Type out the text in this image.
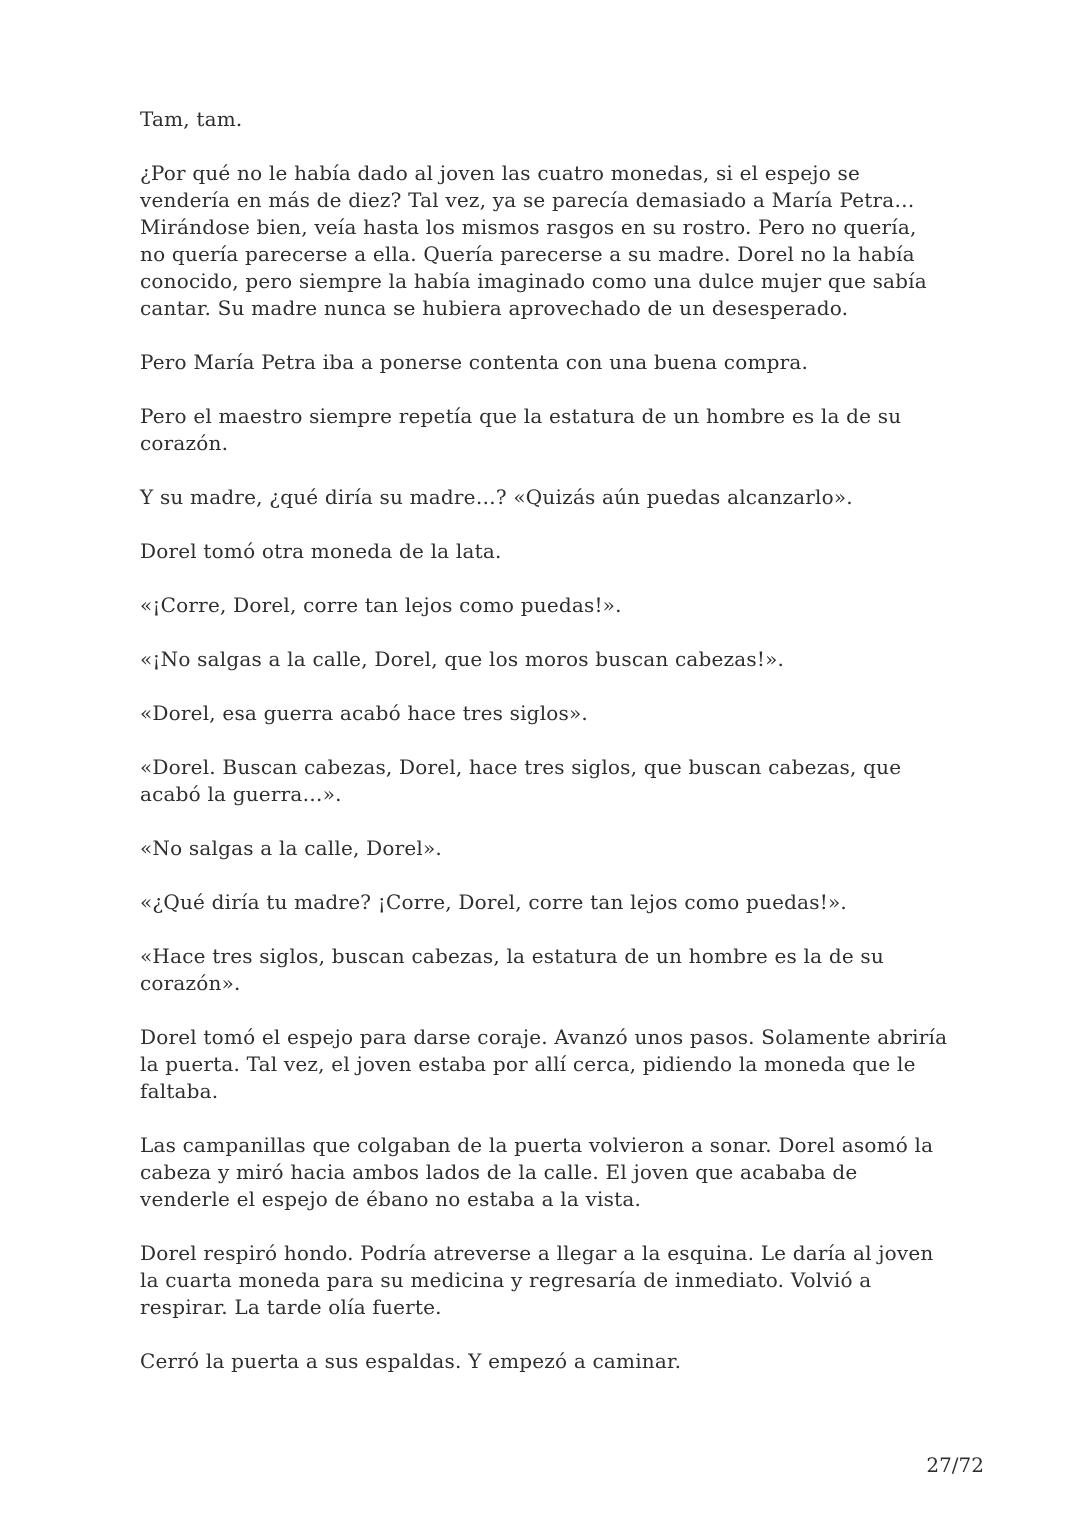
Tam, tam.

¿Por qué no le había dado al joven las cuatro monedas, si el espejo se vendería en más de diez? Tal vez, ya se parecía demasiado a María Petra… Mirándose bien, veía hasta los mismos rasgos en su rostro. Pero no quería, no quería parecerse a ella. Quería parecerse a su madre. Dorel no la había conocido, pero siempre la había imaginado como una dulce mujer que sabía cantar. Su madre nunca se hubiera aprovechado de un desesperado.

Pero María Petra iba a ponerse contenta con una buena compra.

Pero el maestro siempre repetía que la estatura de un hombre es la de su corazón.

Y su madre, ¿qué diría su madre…? «Quizás aún puedas alcanzarlo».

Dorel tomó otra moneda de la lata.

«¡Corre, Dorel, corre tan lejos como puedas!».

«¡No salgas a la calle, Dorel, que los moros buscan cabezas!».

«Dorel, esa guerra acabó hace tres siglos».

«Dorel. Buscan cabezas, Dorel, hace tres siglos, que buscan cabezas, que acabó la guerra…».

«No salgas a la calle, Dorel».

«¿Qué diría tu madre? ¡Corre, Dorel, corre tan lejos como puedas!».

«Hace tres siglos, buscan cabezas, la estatura de un hombre es la de su corazón».

Dorel tomó el espejo para darse coraje. Avanzó unos pasos. Solamente abriría la puerta. Tal vez, el joven estaba por allí cerca, pidiendo la moneda que le faltaba.

Las campanillas que colgaban de la puerta volvieron a sonar. Dorel asomó la cabeza y miró hacia ambos lados de la calle. El joven que acababa de venderle el espejo de ébano no estaba a la vista.

Dorel respiró hondo. Podría atreverse a llegar a la esquina. Le daría al joven la cuarta moneda para su medicina y regresaría de inmediato. Volvió a respirar. La tarde olía fuerte.

Cerró la puerta a sus espaldas. Y empezó a caminar.

27/72
